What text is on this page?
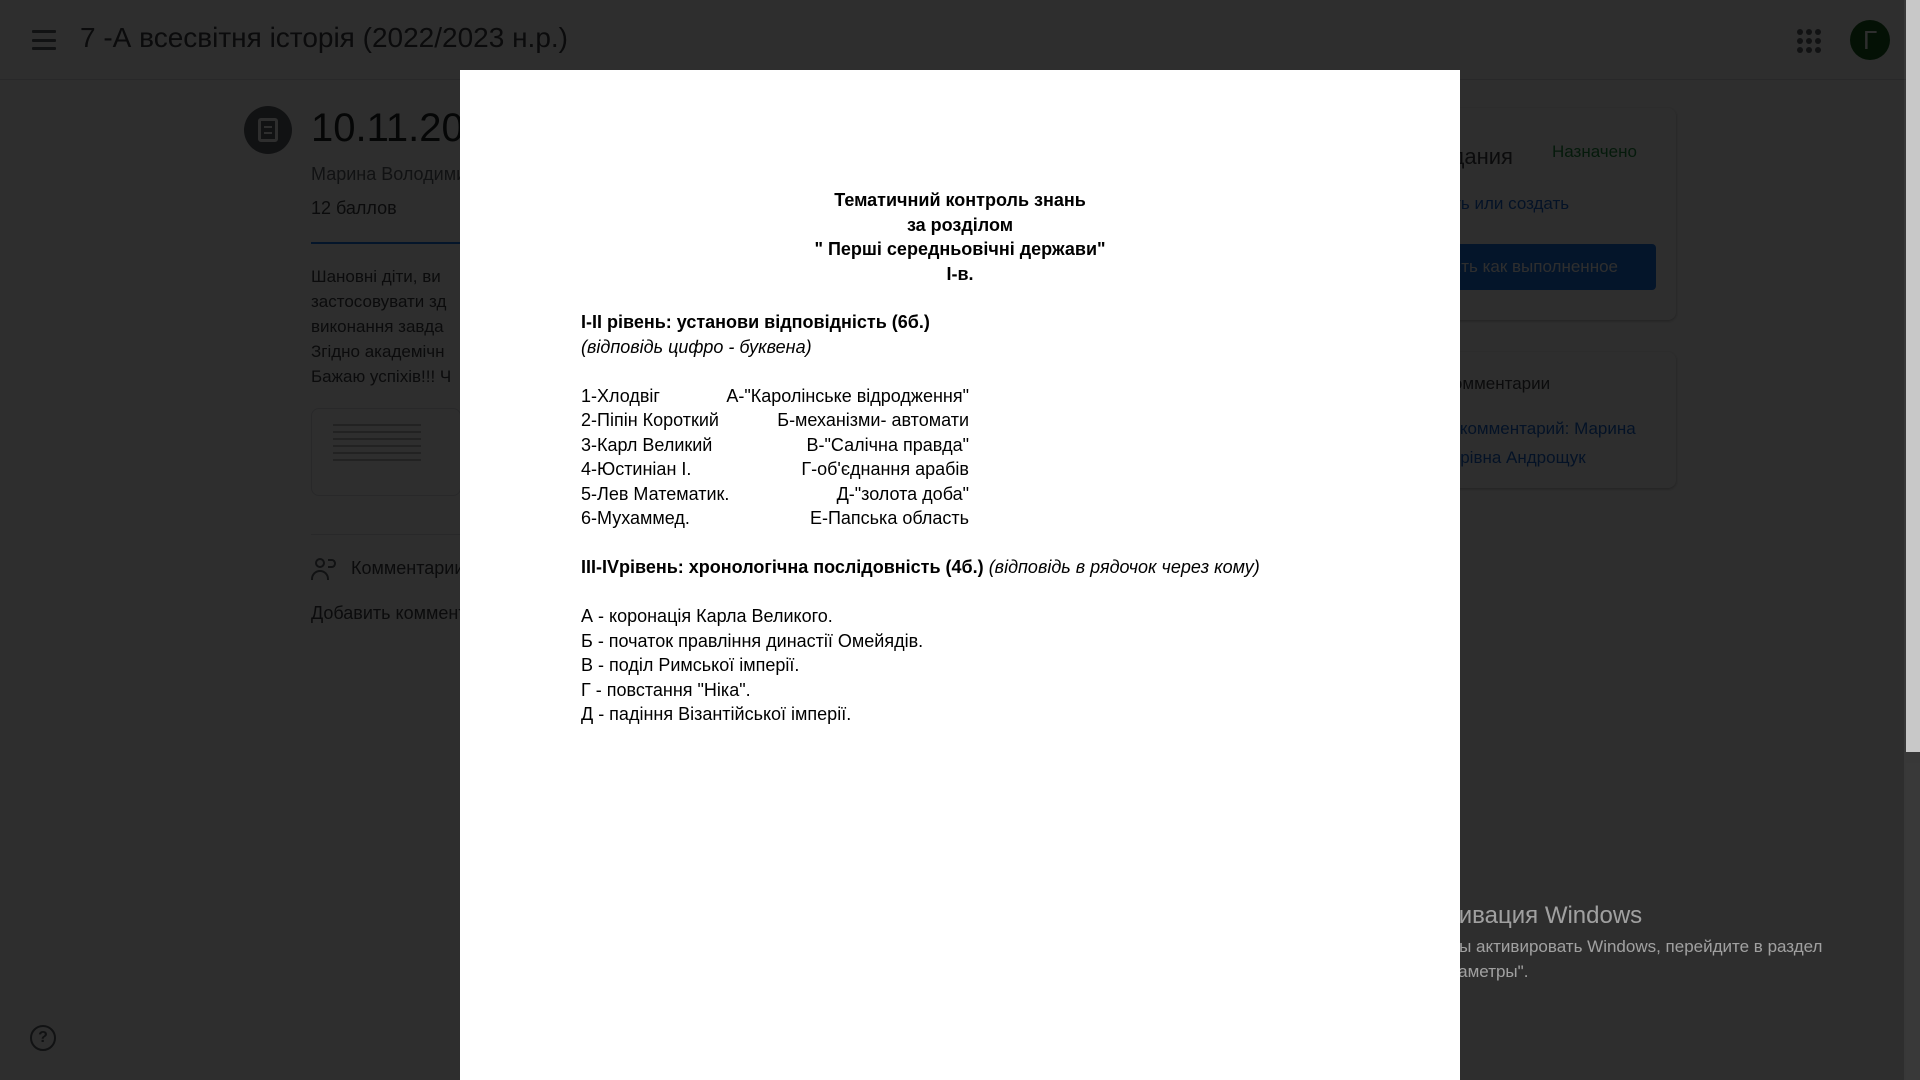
Тематичний контроль знань
за розділом
" Перші середньовічні держави"
І-в.
І-ІІ рівень: установи відповідність (6б.)
(відповідь цифро - буквена)
1-Хлодвіг	А-"Каролінське відродження"
2-Піпін Короткий	Б-механізми- автомати
3-Карл Великий	В-"Салічна правда"
4-Юстиніан І.	Г-об'єднання арабів
5-Лев Математик.	Д-"золота доба"
6-Мухаммед.	Е-Папська область
ІІІ-IVрівень: хронологічна послідовність (4б.) (відповідь в рядочок через кому)
А - коронація Карла Великого.
Б - початок правління династії Омейядів.
В - поділ Римської імперії.
Г - повстання "Ніка".
Д - падіння Візантійської імперії.
Активация Windows
Чтобы активировать Windows, перейдите в раздел
"Параметры".
